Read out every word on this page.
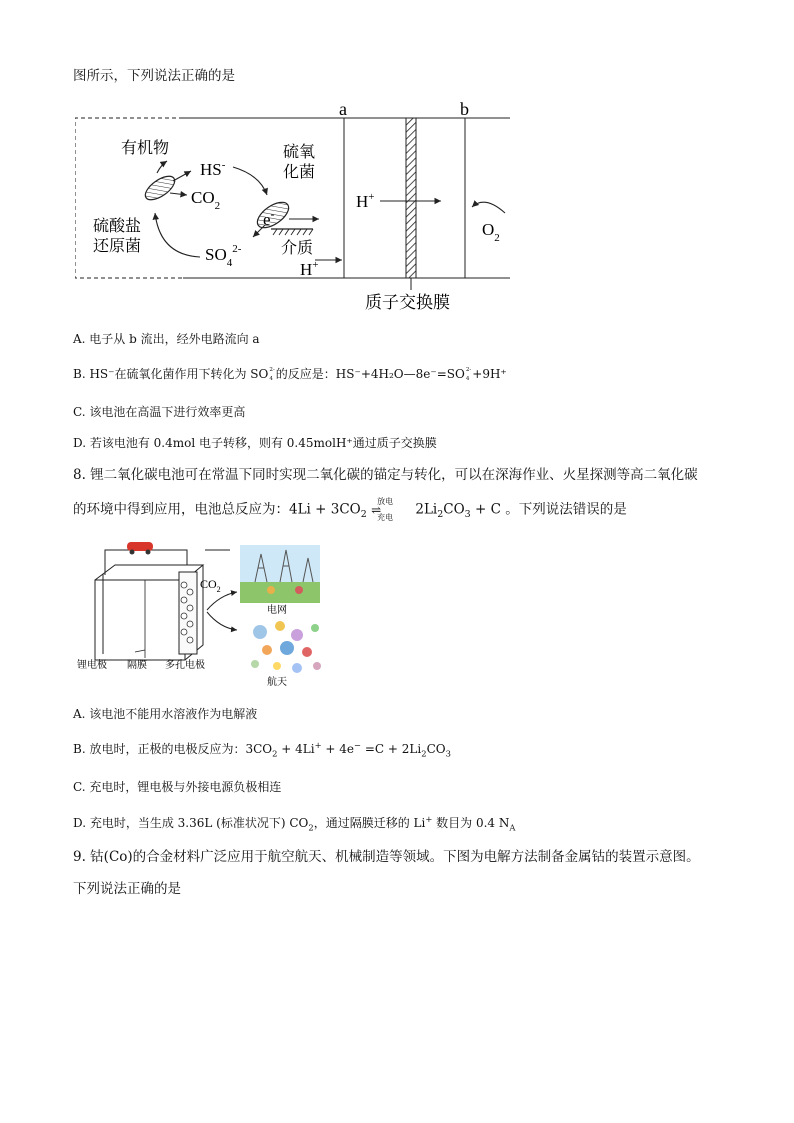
图所示，下列说法正确的是
a	b
有机物
HS-
$CO_2$
硫酸盐
还原菌
硫氧
化菌
e-
介质
$SO_4^{2-}$
H+
H+
$O_2$
质子交换膜
A. 电子从 b 流出，经外电路流向 a
B. HS⁻在硫氧化菌作用下转化为 SO 2-
4 的反应是：HS⁻+4H₂O—8e⁻=SO 2-
4 +9H⁺
C. 该电池在高温下进行效率更高
D. 若该电池有 0.4mol 电子转移，则有 0.45molH⁺通过质子交换膜
8. 锂二氧化碳电池可在常温下同时实现二氧化碳的锚定与转化，可以在深海作业、火星探测等高二氧化碳
的环境中得到应用，电池总反应为：$4Li + 3CO_2$
放电
⇌
充电
$2Li_2CO_3 + C$ 。下列说法错误的是
$CO_2$
电网
航天
锂电极 隔膜 多孔电极
A. 该电池不能用水溶液作为电解液
B. 放电时，正极的电极反应为：$3CO_2 + 4Li^+ + 4e^- =C + 2Li_2CO_3$
C. 充电时，锂电极与外接电源负极相连
D. 充电时，当生成 3.36L (标准状况下) $CO_2$，通过隔膜迁移的 Li+ 数目为 0.4 $N_A$
9. 钴(Co)的合金材料广泛应用于航空航天、机械制造等领域。下图为电解方法制备金属钴的装置示意图。
下列说法正确的是
